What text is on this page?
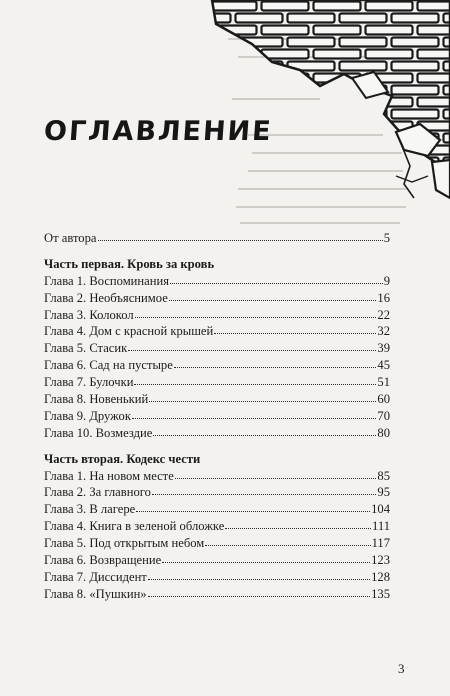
ОГЛАВЛЕНИЕ
От автора	5
Часть первая. Кровь за кровь
Глава 1. Воспоминания	9
Глава 2. Необъяснимое	16
Глава 3. Колокол	22
Глава 4. Дом с красной крышей	32
Глава 5. Стасик	39
Глава 6. Сад на пустыре	45
Глава 7. Булочки	51
Глава 8. Новенький	60
Глава 9. Дружок	70
Глава 10. Возмездие	80
Часть вторая. Кодекс чести
Глава 1. На новом месте	85
Глава 2. За главного	95
Глава 3. В лагере	104
Глава 4. Книга в зеленой обложке	111
Глава 5. Под открытым небом	117
Глава 6. Возвращение	123
Глава 7. Диссидент	128
Глава 8. «Пушкин»	135
3
